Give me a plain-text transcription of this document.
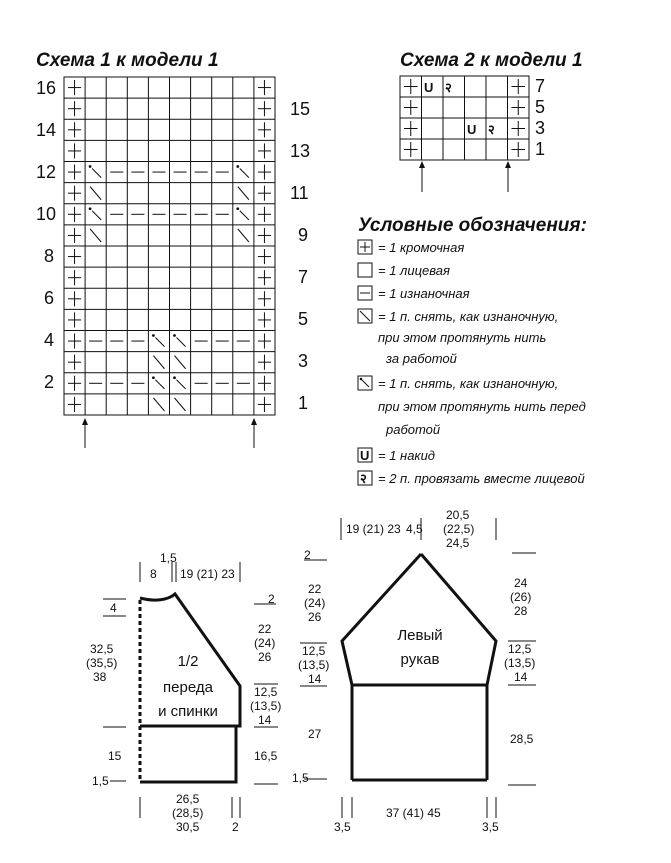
Схема 1 к модели 1
16
14
12
10
8
6
4
2
15
13
11
9
7
5
3
1
Схема 2 к модели 1
U २
U २
7
5
3
1
Условные обозначения:
= 1 кромочная
= 1 лицевая
= 1 изнаночная
= 1 п. снять, как изнаночную,
при этом протянуть нить
за работой
= 1 п. снять, как изнаночную,
при этом протянуть нить перед
работой
U = 1 накид
२ = 2 п. провязать вместе лицевой
1,5
8 19 (21) 23
4
32,5
(35,5)
38
15
1,5
2
22
(24)
26
12,5
(13,5)
14
16,5
26,5
(28,5)
30,5	2
1/2
переда
и спинки
19 (21) 23 4,5
20,5
(22,5)
24,5
2
22
(24)
26
12,5
(13,5)
14
27
1,5
24
(26)
28
12,5
(13,5)
14
28,5
3,5
37 (41) 45
3,5
Левый
рукав
